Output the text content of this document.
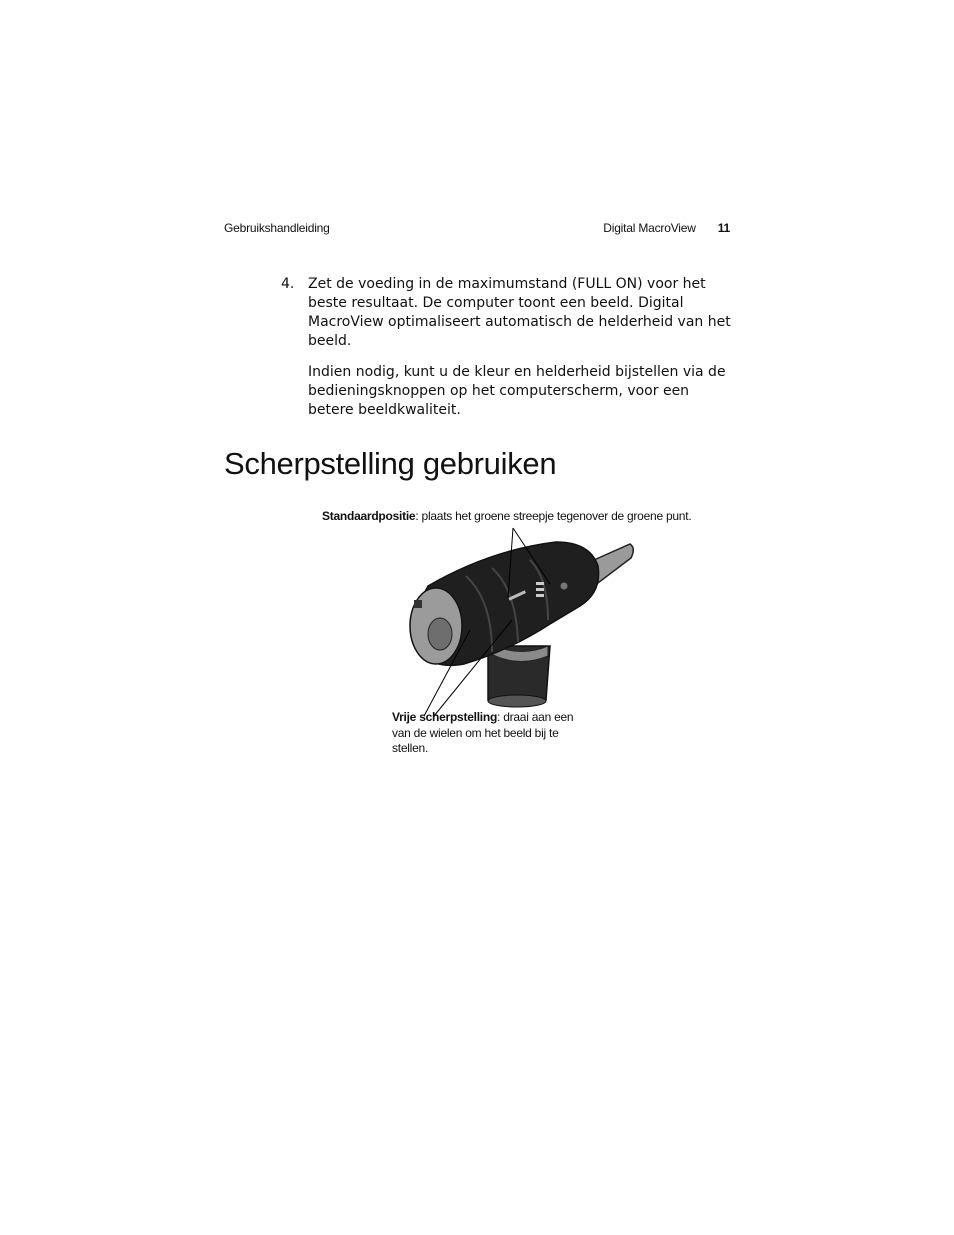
Gebruikshandleiding	Digital MacroView 11
4. Zet de voeding in de maximumstand (FULL ON) voor het beste resultaat. De computer toont een beeld. Digital MacroView optimaliseert automatisch de helderheid van het beeld.

Indien nodig, kunt u de kleur en helderheid bijstellen via de bedieningsknoppen op het computerscherm, voor een betere beeldkwaliteit.

Scherpstelling gebruiken
Standaardpositie: plaats het groene streepje tegenover de groene punt.
Vrije scherpstelling: draai aan een van de wielen om het beeld bij te stellen.
